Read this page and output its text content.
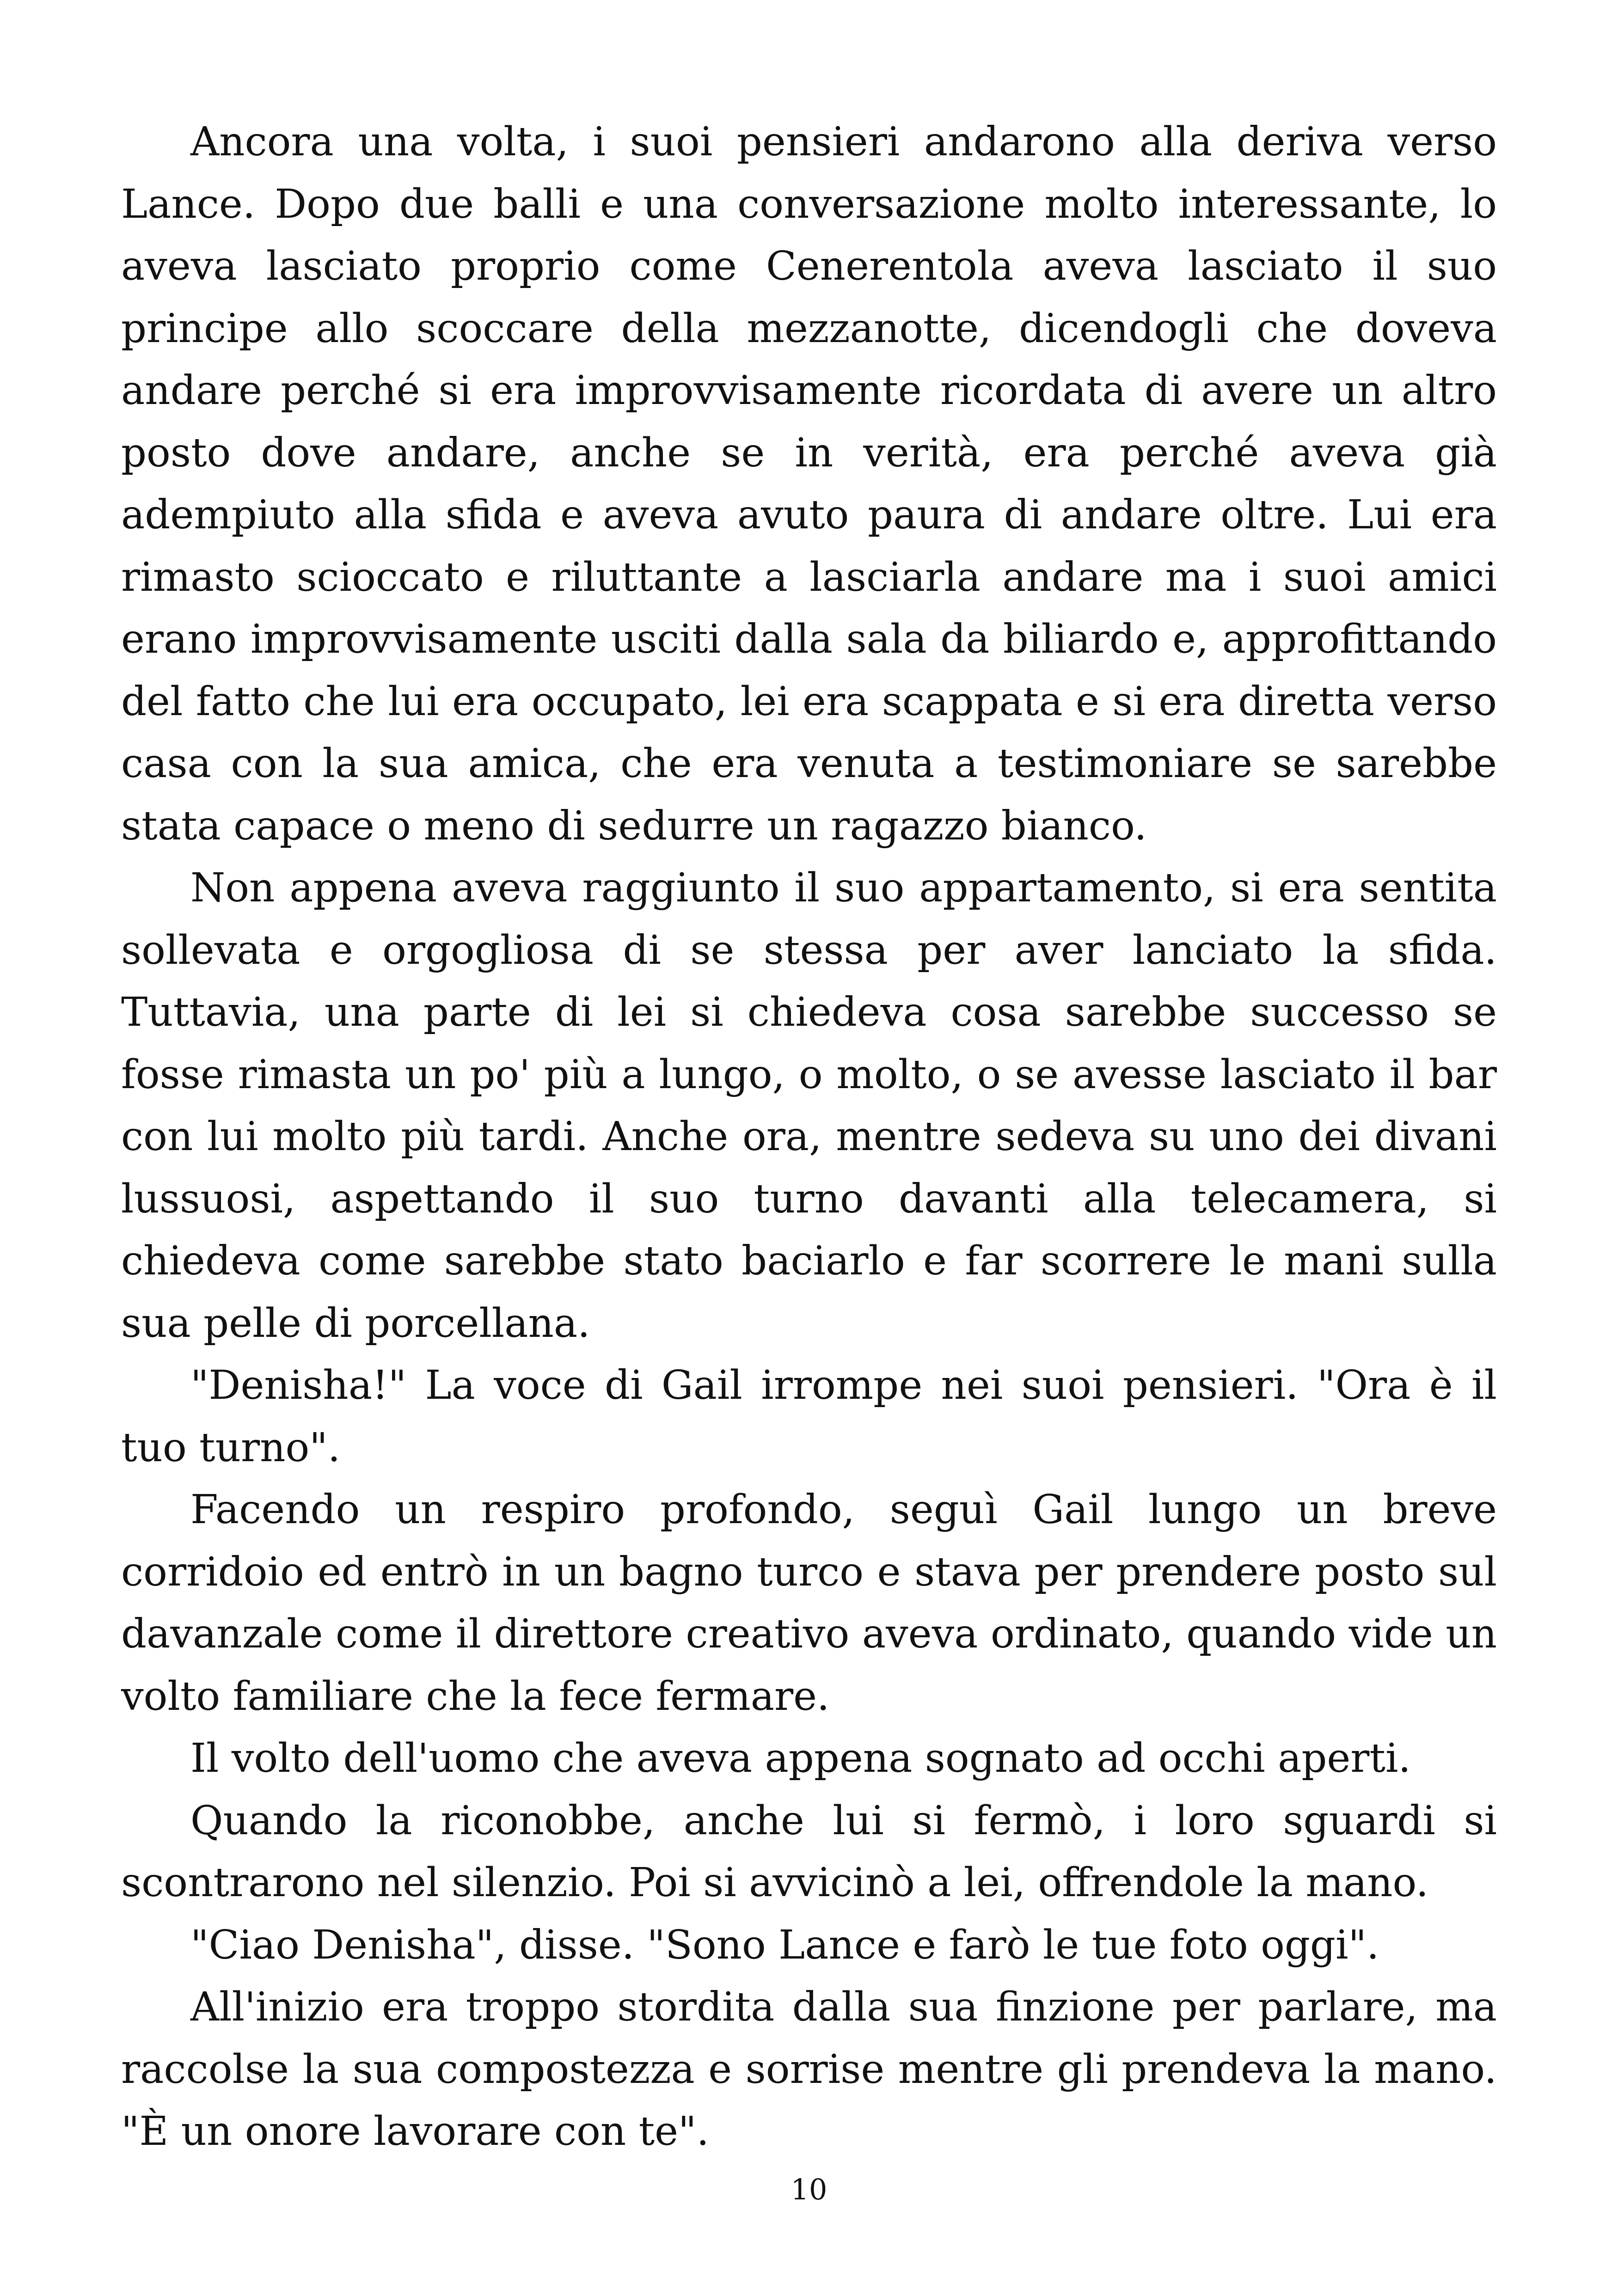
Ancora una volta, i suoi pensieri andarono alla deriva verso Lance. Dopo due balli e una conversazione molto interessante, lo aveva lasciato proprio come Cenerentola aveva lasciato il suo principe allo scoccare della mezzanotte, dicendogli che doveva andare perché si era improvvisamente ricordata di avere un altro posto dove andare, anche se in verità, era perché aveva già adempiuto alla sfida e aveva avuto paura di andare oltre. Lui era rimasto scioccato e riluttante a lasciarla andare ma i suoi amici erano improvvisamente usciti dalla sala da biliardo e, approfittando del fatto che lui era occupato, lei era scappata e si era diretta verso casa con la sua amica, che era venuta a testimoniare se sarebbe stata capace o meno di sedurre un ragazzo bianco.

Non appena aveva raggiunto il suo appartamento, si era sentita sollevata e orgogliosa di se stessa per aver lanciato la sfida. Tuttavia, una parte di lei si chiedeva cosa sarebbe successo se fosse rimasta un po' più a lungo, o molto, o se avesse lasciato il bar con lui molto più tardi. Anche ora, mentre sedeva su uno dei divani lussuosi, aspettando il suo turno davanti alla telecamera, si chiedeva come sarebbe stato baciarlo e far scorrere le mani sulla sua pelle di porcellana.

"Denisha!" La voce di Gail irrompe nei suoi pensieri. "Ora è il tuo turno".

Facendo un respiro profondo, seguì Gail lungo un breve corridoio ed entrò in un bagno turco e stava per prendere posto sul davanzale come il direttore creativo aveva ordinato, quando vide un volto familiare che la fece fermare.

Il volto dell'uomo che aveva appena sognato ad occhi aperti.

Quando la riconobbe, anche lui si fermò, i loro sguardi si scontrarono nel silenzio. Poi si avvicinò a lei, offrendole la mano.

"Ciao Denisha", disse. "Sono Lance e farò le tue foto oggi".

All'inizio era troppo stordita dalla sua finzione per parlare, ma raccolse la sua compostezza e sorrise mentre gli prendeva la mano. "È un onore lavorare con te".

10
